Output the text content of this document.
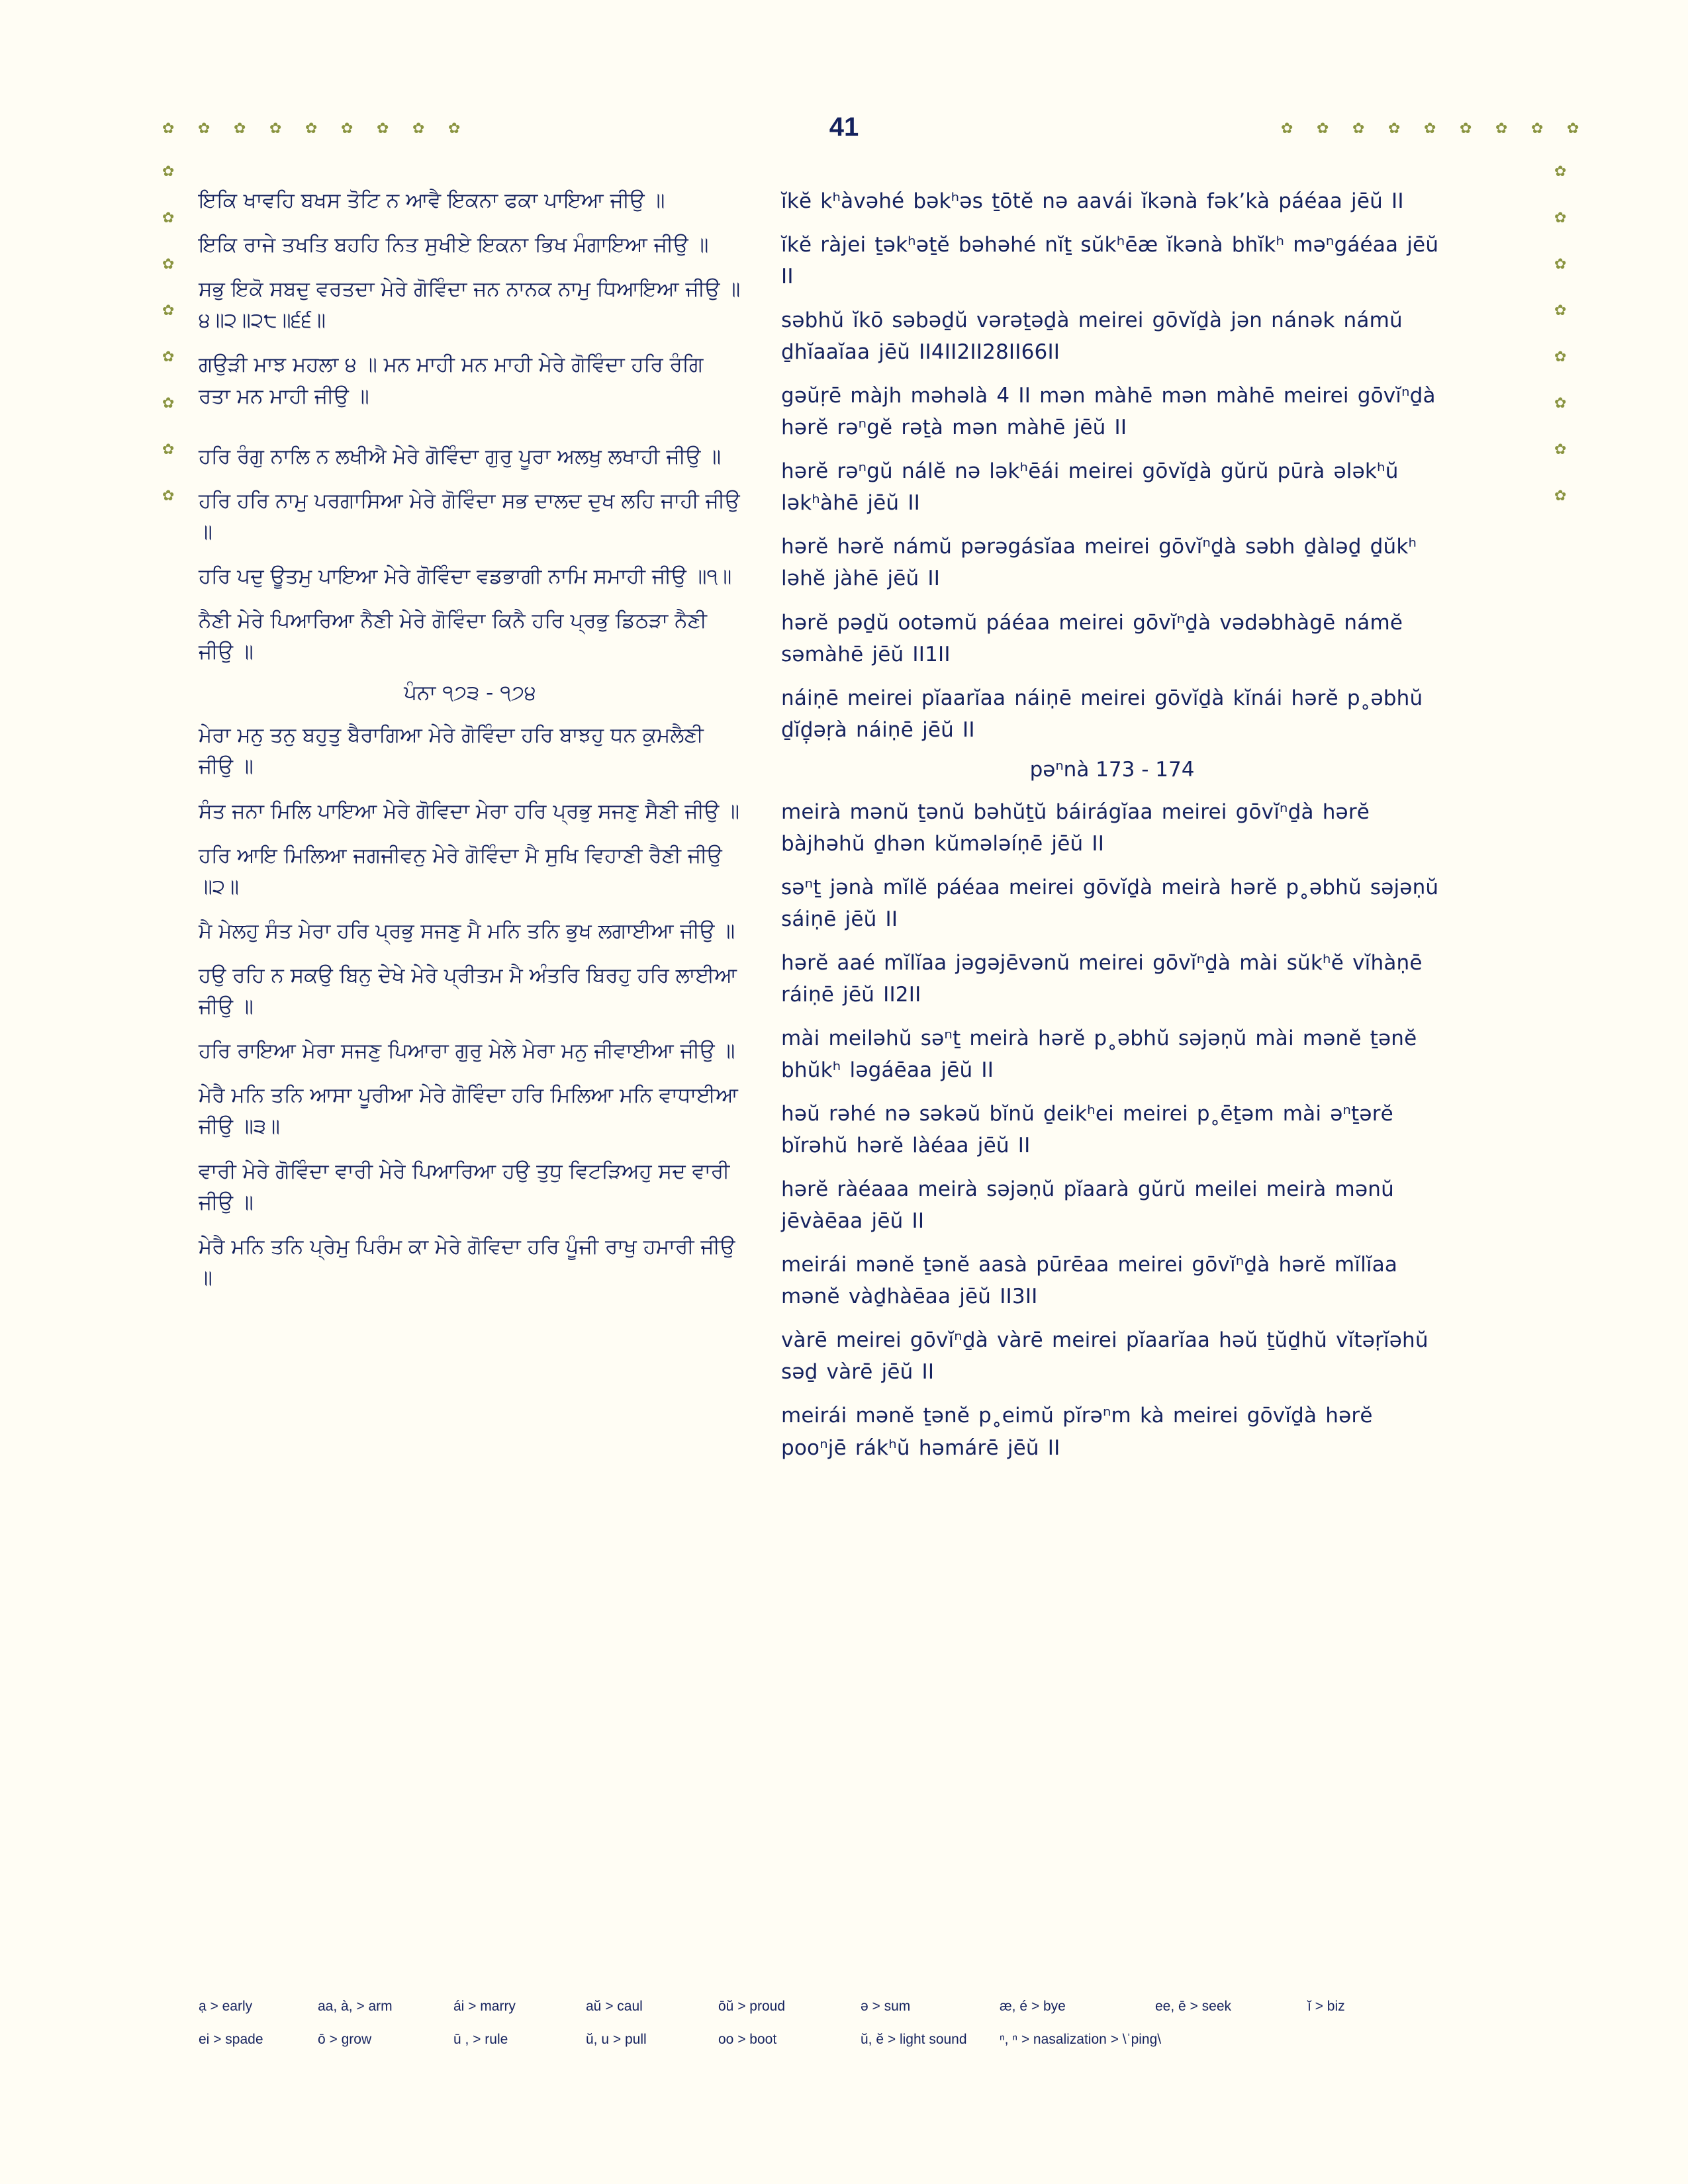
✿
✿
✿
✿
✿
✿
✿
✿
✿
✿
✿
✿
✿
✿
✿
✿
✿
✿
✿
✿
✿
✿
✿
✿
✿
✿
✿
✿
✿
✿
✿
✿
✿
✿
41

ਇਕਿ ਖਾਵਹਿ ਬਖਸ ਤੋਟਿ ਨ ਆਵੈ ਇਕਨਾ ਫਕਾ ਪਾਇਆ ਜੀਉ ॥

ਇਕਿ ਰਾਜੇ ਤਖਤਿ ਬਹਹਿ ਨਿਤ ਸੁਖੀਏ ਇਕਨਾ ਭਿਖ ਮੰਗਾਇਆ ਜੀਉ ॥

ਸਭੁ ਇਕੋ ਸਬਦੁ ਵਰਤਦਾ ਮੇਰੇ ਗੋਵਿੰਦਾ ਜਨ ਨਾਨਕ ਨਾਮੁ ਧਿਆਇਆ ਜੀਉ ॥੪॥੨॥੨੮॥੬੬॥

ਗਉੜੀ ਮਾਝ ਮਹਲਾ ੪ ॥ ਮਨ ਮਾਹੀ ਮਨ ਮਾਹੀ ਮੇਰੇ ਗੋਵਿੰਦਾ ਹਰਿ ਰੰਗਿ ਰਤਾ ਮਨ ਮਾਹੀ ਜੀਉ ॥

ਹਰਿ ਰੰਗੁ ਨਾਲਿ ਨ ਲਖੀਐ ਮੇਰੇ ਗੋਵਿੰਦਾ ਗੁਰੁ ਪੂਰਾ ਅਲਖੁ ਲਖਾਹੀ ਜੀਉ ॥

ਹਰਿ ਹਰਿ ਨਾਮੁ ਪਰਗਾਸਿਆ ਮੇਰੇ ਗੋਵਿੰਦਾ ਸਭ ਦਾਲਦ ਦੁਖ ਲਹਿ ਜਾਹੀ ਜੀਉ ॥

ਹਰਿ ਪਦੁ ਊਤਮੁ ਪਾਇਆ ਮੇਰੇ ਗੋਵਿੰਦਾ ਵਡਭਾਗੀ ਨਾਮਿ ਸਮਾਹੀ ਜੀਉ ॥੧॥

ਨੈਣੀ ਮੇਰੇ ਪਿਆਰਿਆ ਨੈਣੀ ਮੇਰੇ ਗੋਵਿੰਦਾ ਕਿਨੈ ਹਰਿ ਪ੍ਰਭੁ ਡਿਠੜਾ ਨੈਣੀ ਜੀਉ ॥

ਪੰਨਾ ੧੭੩ - ੧੭੪

ਮੇਰਾ ਮਨੁ ਤਨੁ ਬਹੁਤੁ ਬੈਰਾਗਿਆ ਮੇਰੇ ਗੋਵਿੰਦਾ ਹਰਿ ਬਾਝਹੁ ਧਨ ਕੁਮਲੈਣੀ ਜੀਉ ॥

ਸੰਤ ਜਨਾ ਮਿਲਿ ਪਾਇਆ ਮੇਰੇ ਗੋਵਿਦਾ ਮੇਰਾ ਹਰਿ ਪ੍ਰਭੁ ਸਜਣੁ ਸੈਣੀ ਜੀਉ ॥

ਹਰਿ ਆਇ ਮਿਲਿਆ ਜਗਜੀਵਨੁ ਮੇਰੇ ਗੋਵਿੰਦਾ ਮੈ ਸੁਖਿ ਵਿਹਾਣੀ ਰੈਣੀ ਜੀਉ ॥੨॥

ਮੈ ਮੇਲਹੁ ਸੰਤ ਮੇਰਾ ਹਰਿ ਪ੍ਰਭੁ ਸਜਣੁ ਮੈ ਮਨਿ ਤਨਿ ਭੁਖ ਲਗਾਈਆ ਜੀਉ ॥

ਹਉ ਰਹਿ ਨ ਸਕਉ ਬਿਨੁ ਦੇਖੇ ਮੇਰੇ ਪ੍ਰੀਤਮ ਮੈ ਅੰਤਰਿ ਬਿਰਹੁ ਹਰਿ ਲਾਈਆ ਜੀਉ ॥

ਹਰਿ ਰਾਇਆ ਮੇਰਾ ਸਜਣੁ ਪਿਆਰਾ ਗੁਰੁ ਮੇਲੇ ਮੇਰਾ ਮਨੁ ਜੀਵਾਈਆ ਜੀਉ ॥

ਮੇਰੈ ਮਨਿ ਤਨਿ ਆਸਾ ਪੂਰੀਆ ਮੇਰੇ ਗੋਵਿੰਦਾ ਹਰਿ ਮਿਲਿਆ ਮਨਿ ਵਾਧਾਈਆ ਜੀਉ ॥੩॥

ਵਾਰੀ ਮੇਰੇ ਗੋਵਿੰਦਾ ਵਾਰੀ ਮੇਰੇ ਪਿਆਰਿਆ ਹਉ ਤੁਧੁ ਵਿਟੜਿਅਹੁ ਸਦ ਵਾਰੀ ਜੀਉ ॥

ਮੇਰੈ ਮਨਿ ਤਨਿ ਪ੍ਰੇਮੁ ਪਿਰੰਮ ਕਾ ਮੇਰੇ ਗੋਵਿਦਾ ਹਰਿ ਪੂੰਜੀ ਰਾਖੁ ਹਮਾਰੀ ਜੀਉ ॥

ĭkĕ kʰàvəhé bəkʰəs ṯōtĕ nə aavái ĭkənà fək’kà páéaa jēŭ II

ĭkĕ ràjei ṯəkʰəṯĕ bəhəhé nĭṯ sŭkʰēæ ĭkənà bhĭkʰ məⁿgáéaa jēŭ II

səbhŭ ĭkō səbəḏŭ vərəṯəḏà meirei gōvĭḏà jən nánək námŭ ḏhĭaaĭaa jēŭ II4II2II28II66II

gəŭṛē màjh məhəlà 4 II mən màhē mən màhē meirei gōvĭⁿḏà hərĕ rəⁿgĕ rəṯà mən màhē jēŭ II

hərĕ rəⁿgŭ nálĕ nə ləkʰēái meirei gōvĭḏà gŭrŭ pūrà ələkʰŭ ləkʰàhē jēŭ II

hərĕ hərĕ námŭ pərəgásĭaa meirei gōvĭⁿḏà səbh ḏàləḏ ḏŭkʰ ləhĕ jàhē jēŭ II

hərĕ pəḏŭ ootəmŭ páéaa meirei gōvĭⁿḏà vədəbhàgē námĕ səmàhē jēŭ II1II

náiṇē meirei pĭaarĭaa náiṇē meirei gōvĭḏà kĭnái hərĕ p˳əbhŭ ḏĭḏ̣əṛà náiṇē jēŭ II

pəⁿnà 173 - 174

meirà mənŭ ṯənŭ bəhŭṯŭ báirágĭaa meirei gōvĭⁿḏà hərĕ bàjhəhŭ ḏhən kŭmələíṇē jēŭ II

səⁿṯ jənà mĭlĕ páéaa meirei gōvĭḏà meirà hərĕ p˳əbhŭ səjəṇŭ sáiṇē jēŭ II

hərĕ aaé mĭlĭaa jəgəjēvənŭ meirei gōvĭⁿḏà mài sŭkʰĕ vĭhàṇē ráiṇē jēŭ II2II

mài meiləhŭ səⁿṯ meirà hərĕ p˳əbhŭ səjəṇŭ mài mənĕ ṯənĕ bhŭkʰ ləgáēaa jēŭ II

həŭ rəhé nə səkəŭ bĭnŭ ḏeikʰei meirei p˳ēṯəm mài əⁿṯərĕ bĭrəhŭ hərĕ làéaa jēŭ II

hərĕ ràéaaa meirà səjəṇŭ pĭaarà gŭrŭ meilei meirà mənŭ jēvàēaa jēŭ II

meirái mənĕ ṯənĕ aasà pūrēaa meirei gōvĭⁿḏà hərĕ mĭlĭaa mənĕ vàḏhàēaa jēŭ II3II

vàrē meirei gōvĭⁿḏà vàrē meirei pĭaarĭaa həŭ ṯŭḏhŭ vĭtəṛĭəhŭ səḏ vàrē jēŭ II

meirái mənĕ ṯənĕ p˳eimŭ pĭrəⁿm kà meirei gōvĭḏà hərĕ pooⁿjē rákʰŭ həmárē jēŭ II

ạ > early	aa, à, > arm	ái > marry	aŭ > caul	ōŭ > proud	ə > sum	æ, é > bye	ee, ē > seek	ĭ > biz
ei > spade	ō > grow	ū , > rule	ŭ, u > pull	oo > boot	ŭ, ĕ > light sound	ⁿ, ⁿ > nasalization > \ˈping\
